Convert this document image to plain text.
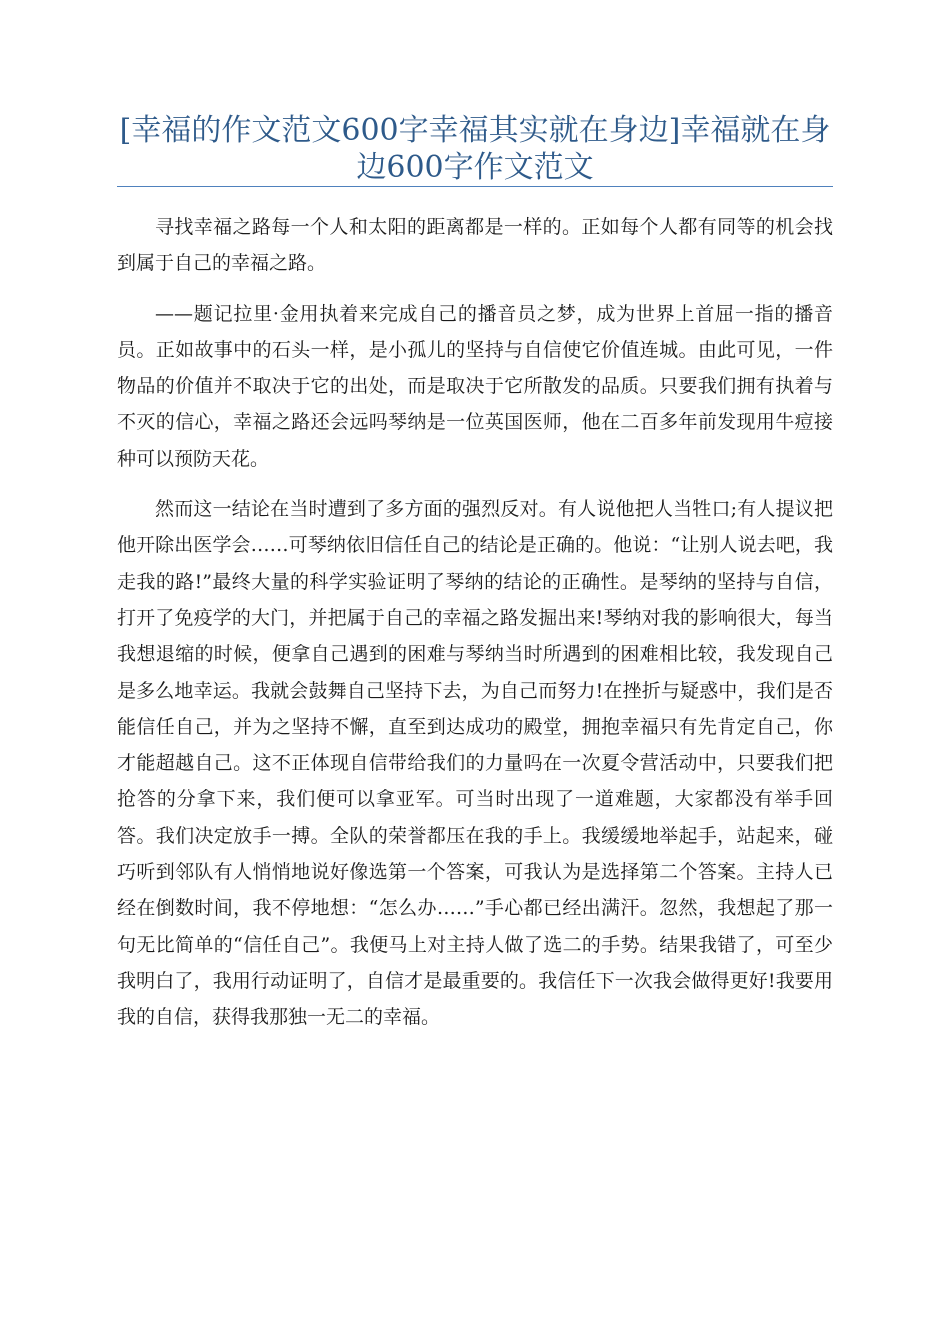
[幸福的作文范文600字幸福其实就在身边]幸福就在身边600字作文范文

寻找幸福之路每一个人和太阳的距离都是一样的。正如每个人都有同等的机会找到属于自己的幸福之路。

——题记拉里·金用执着来完成自己的播音员之梦，成为世界上首屈一指的播音员。正如故事中的石头一样，是小孤儿的坚持与自信使它价值连城。由此可见，一件物品的价值并不取决于它的出处，而是取决于它所散发的品质。只要我们拥有执着与不灭的信心，幸福之路还会远吗琴纳是一位英国医师，他在二百多年前发现用牛痘接种可以预防天花。

然而这一结论在当时遭到了多方面的强烈反对。有人说他把人当牲口;有人提议把他开除出医学会……可琴纳依旧信任自己的结论是正确的。他说：“让别人说去吧，我走我的路!”最终大量的科学实验证明了琴纳的结论的正确性。是琴纳的坚持与自信，打开了免疫学的大门，并把属于自己的幸福之路发掘出来!琴纳对我的影响很大，每当我想退缩的时候，便拿自己遇到的困难与琴纳当时所遇到的困难相比较，我发现自己是多么地幸运。我就会鼓舞自己坚持下去，为自己而努力!在挫折与疑惑中，我们是否能信任自己，并为之坚持不懈，直至到达成功的殿堂，拥抱幸福只有先肯定自己，你才能超越自己。这不正体现自信带给我们的力量吗在一次夏令营活动中，只要我们把抢答的分拿下来，我们便可以拿亚军。可当时出现了一道难题，大家都没有举手回答。我们决定放手一搏。全队的荣誉都压在我的手上。我缓缓地举起手，站起来，碰巧听到邻队有人悄悄地说好像选第一个答案，可我认为是选择第二个答案。主持人已经在倒数时间，我不停地想：“怎么办……”手心都已经出满汗。忽然，我想起了那一句无比简单的“信任自己”。我便马上对主持人做了选二的手势。结果我错了，可至少我明白了，我用行动证明了，自信才是最重要的。我信任下一次我会做得更好!我要用我的自信，获得我那独一无二的幸福。
